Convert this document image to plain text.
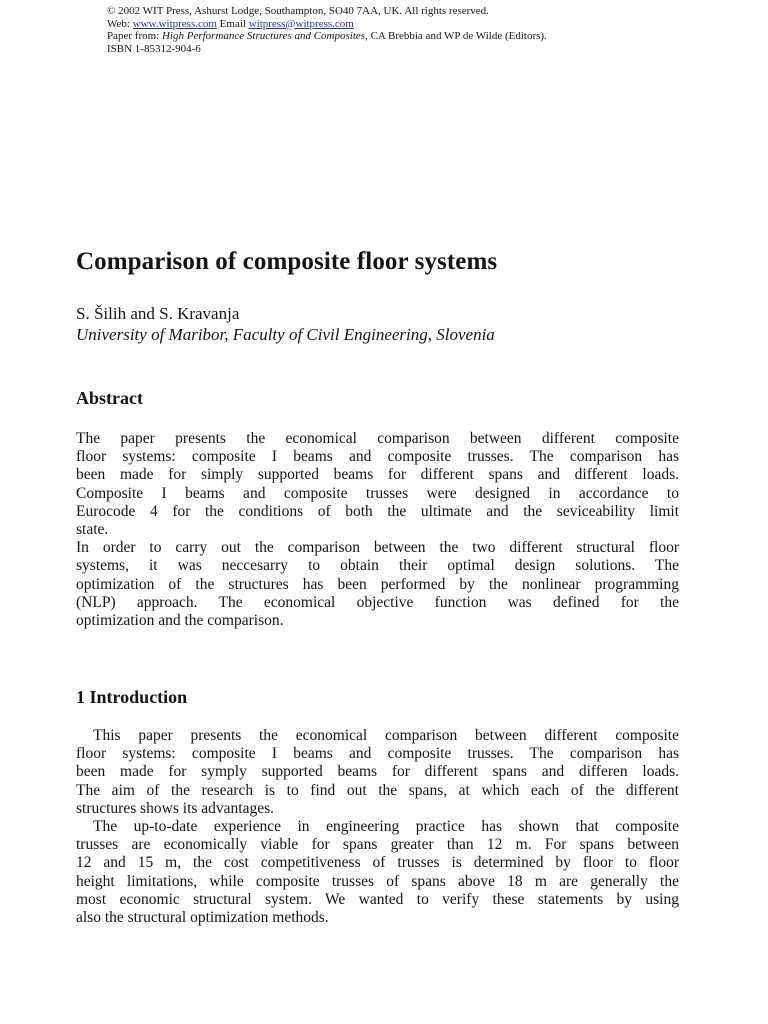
© 2002 WIT Press, Ashurst Lodge, Southampton, SO40 7AA, UK. All rights reserved.
Web: www.witpress.com Email witpress@witpress.com
Paper from: High Performance Structures and Composites, CA Brebbia and WP de Wilde (Editors).
ISBN 1-85312-904-6
Comparison of composite floor systems
S. Šilih and S. Kravanja
University of Maribor, Faculty of Civil Engineering, Slovenia
Abstract
The paper presents the economical comparison between different composite
floor systems: composite I beams and composite trusses. The comparison has
been made for simply supported beams for different spans and different loads.
Composite I beams and composite trusses were designed in accordance to
Eurocode 4 for the conditions of both the ultimate and the seviceability limit
state.
In order to carry out the comparison between the two different structural floor
systems, it was neccesarry to obtain their optimal design solutions. The
optimization of the structures has been performed by the nonlinear programming
(NLP) approach. The economical objective function was defined for the
optimization and the comparison.
1 Introduction
This paper presents the economical comparison between different composite
floor systems: composite I beams and composite trusses. The comparison has
been made for symply supported beams for different spans and differen loads.
The aim of the research is to find out the spans, at which each of the different
structures shows its advantages.
The up-to-date experience in engineering practice has shown that composite
trusses are economically viable for spans greater than 12 m. For spans between
12 and 15 m, the cost competitiveness of trusses is determined by floor to floor
height limitations, while composite trusses of spans above 18 m are generally the
most economic structural system. We wanted to verify these statements by using
also the structural optimization methods.
